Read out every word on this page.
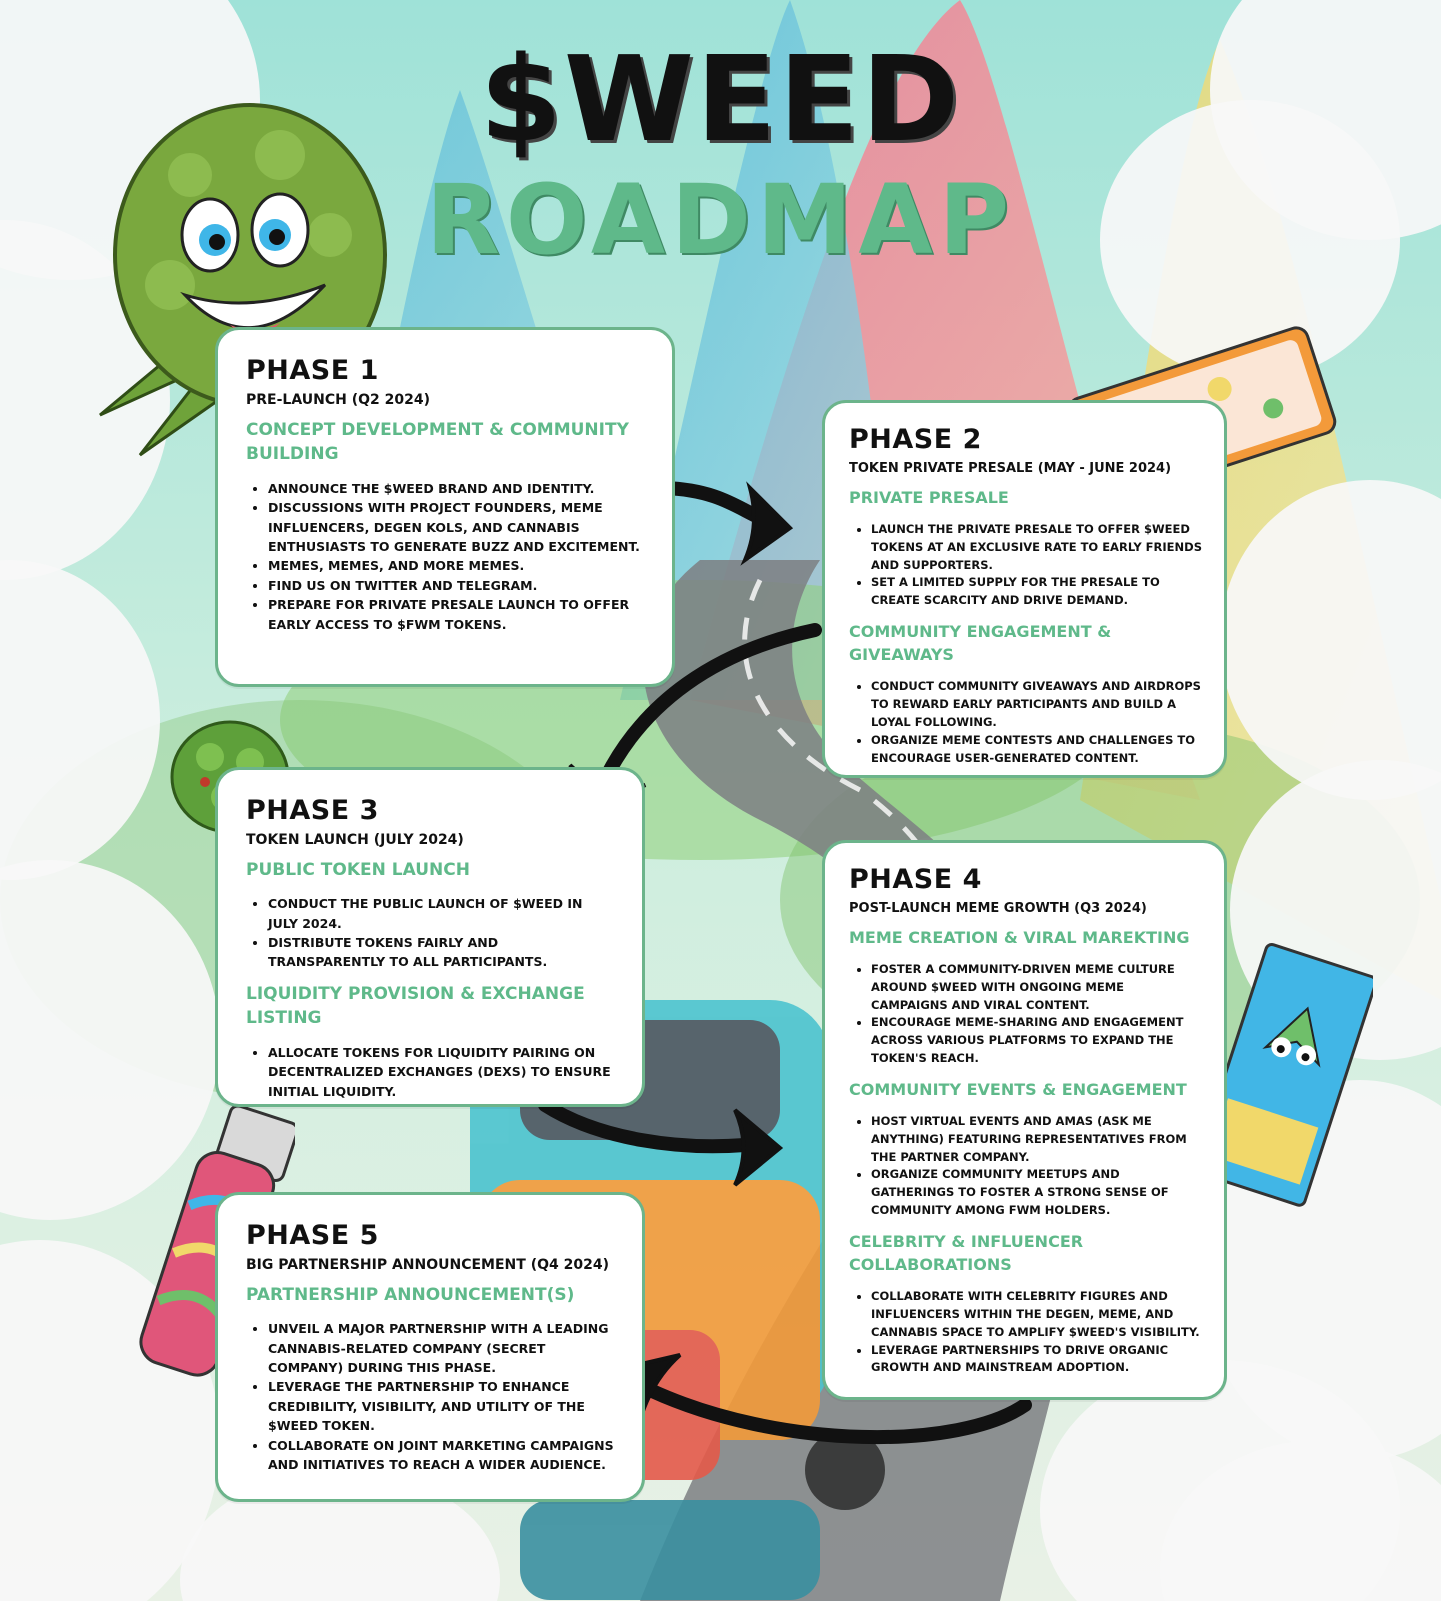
$WEED
ROADMAP
PHASE 1
PRE-LAUNCH (Q2 2024)
CONCEPT DEVELOPMENT & COMMUNITY BUILDING
• ANNOUNCE THE $WEED BRAND AND IDENTITY.
• DISCUSSIONS WITH PROJECT FOUNDERS, MEME INFLUENCERS, DEGEN KOLS, AND CANNABIS ENTHUSIASTS TO GENERATE BUZZ AND EXCITEMENT.
• MEMES, MEMES, AND MORE MEMES.
• FIND US ON TWITTER AND TELEGRAM.
• PREPARE FOR PRIVATE PRESALE LAUNCH TO OFFER EARLY ACCESS TO $FWM TOKENS.
PHASE 2
TOKEN PRIVATE PRESALE (MAY - JUNE 2024)
PRIVATE PRESALE
• LAUNCH THE PRIVATE PRESALE TO OFFER $WEED TOKENS AT AN EXCLUSIVE RATE TO EARLY FRIENDS AND SUPPORTERS.
• SET A LIMITED SUPPLY FOR THE PRESALE TO CREATE SCARCITY AND DRIVE DEMAND.
COMMUNITY ENGAGEMENT & GIVEAWAYS
• CONDUCT COMMUNITY GIVEAWAYS AND AIRDROPS TO REWARD EARLY PARTICIPANTS AND BUILD A LOYAL FOLLOWING.
• ORGANIZE MEME CONTESTS AND CHALLENGES TO ENCOURAGE USER-GENERATED CONTENT.
PHASE 3
TOKEN LAUNCH (JULY 2024)
PUBLIC TOKEN LAUNCH
• CONDUCT THE PUBLIC LAUNCH OF $WEED IN JULY 2024.
• DISTRIBUTE TOKENS FAIRLY AND TRANSPARENTLY TO ALL PARTICIPANTS.
LIQUIDITY PROVISION & EXCHANGE LISTING
• ALLOCATE TOKENS FOR LIQUIDITY PAIRING ON DECENTRALIZED EXCHANGES (DEXS) TO ENSURE INITIAL LIQUIDITY.
PHASE 4
POST-LAUNCH MEME GROWTH (Q3 2024)
MEME CREATION & VIRAL MAREKTING
• FOSTER A COMMUNITY-DRIVEN MEME CULTURE AROUND $WEED WITH ONGOING MEME CAMPAIGNS AND VIRAL CONTENT.
• ENCOURAGE MEME-SHARING AND ENGAGEMENT ACROSS VARIOUS PLATFORMS TO EXPAND THE TOKEN'S REACH.
COMMUNITY EVENTS & ENGAGEMENT
• HOST VIRTUAL EVENTS AND AMAS (ASK ME ANYTHING) FEATURING REPRESENTATIVES FROM THE PARTNER COMPANY.
• ORGANIZE COMMUNITY MEETUPS AND GATHERINGS TO FOSTER A STRONG SENSE OF COMMUNITY AMONG FWM HOLDERS.
CELEBRITY & INFLUENCER COLLABORATIONS
• COLLABORATE WITH CELEBRITY FIGURES AND INFLUENCERS WITHIN THE DEGEN, MEME, AND CANNABIS SPACE TO AMPLIFY $WEED'S VISIBILITY.
• LEVERAGE PARTNERSHIPS TO DRIVE ORGANIC GROWTH AND MAINSTREAM ADOPTION.
PHASE 5
BIG PARTNERSHIP ANNOUNCEMENT (Q4 2024)
PARTNERSHIP ANNOUNCEMENT(S)
• UNVEIL A MAJOR PARTNERSHIP WITH A LEADING CANNABIS-RELATED COMPANY (SECRET COMPANY) DURING THIS PHASE.
• LEVERAGE THE PARTNERSHIP TO ENHANCE CREDIBILITY, VISIBILITY, AND UTILITY OF THE $WEED TOKEN.
• COLLABORATE ON JOINT MARKETING CAMPAIGNS AND INITIATIVES TO REACH A WIDER AUDIENCE.
